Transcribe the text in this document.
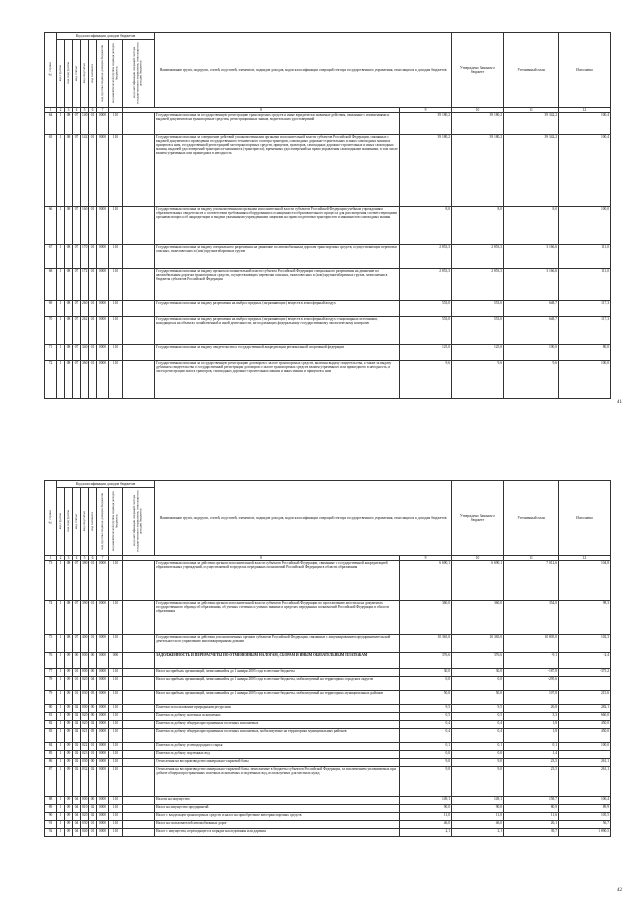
№ строки	Код классификации доходов бюджетов								Наименование групп, подгрупп, статей, подстатей, элементов, подвидов доходов, кодов классификации операций сектора государственного управления, относящихся к доходам бюджетов		Утверждено Законом о бюджете	Уточненный план	Исполнено	

	код группы	код подгруппы	код статьи	код подстатьи	код элемента	код группы подвида доходов бюджетов	код аналитической группы подвида доходов бюджетов	код классификации операций сектора государственного управления, относящихся к доходам бюджетов						

1	2	3	4	5	6	7		8		9	10	11	12	
64	1	08	07	140	01	0000	110		Государственная пошлина за государственную регистрацию транспортных средств и иные юридически значимые действия, связанные с изменениями и выдачей документов на транспортные средства, регистрационных знаков, водительских удостоверений	39 180,2	39 180,2	39 342,2	100,4	
65	1	08	07	142	01	0000	110		Государственная пошлина за совершение действий уполномоченными органами исполнительной власти субъектов Российской Федерации, связанных с выдачей документов о проведении государственного технического осмотра тракторов, самоходных дорожно-строительных и иных самоходных машин и прицепов к ним, государственной регистрацией мототранспортных средств, прицепов, тракторов, самоходных дорожно-строительных и иных самоходных машин, выдачей удостоверений тракториста-машиниста (тракториста), временных удостоверений на право управления самоходными машинами, в том числе взамен утраченных или пришедших в негодность	39 180,2	39 180,2	39 342,2	100,4	
66	1	08	07	160	01	0000	110		Государственная пошлина за выдачу уполномоченными органами исполнительной власти субъектов Российской Федерации учебным учреждениям образовательных свидетельств о соответствии требованиям оборудования и оснащенности образовательного процесса для рассмотрения соответствующими органами вопроса об аккредитации и выдачи указанными учреждениями лицензии на право подготовки трактористов и машинистов самоходных машин	8,0	8,0	8,0	100,0	
67	1	08	07	170	01	0000	110		Государственная пошлина за выдачу специального разрешения на движение по автомобильным дорогам транспортных средств, осуществляющих перевозки опасных, тяжеловесных и (или) крупногабаритных грузов	2 853,3	2 853,3	3 166,6	111,0	
68	1	08	07	172	01	0000	110		Государственная пошлина за выдачу органом исполнительной власти субъекта Российской Федерации специального разрешения на движение по автомобильным дорогам транспортных средств, осуществляющих перевозки опасных, тяжеловесных и (или) крупногабаритных грузов, зачисляемая в бюджеты субъектов Российской Федерации	2 853,3	2 853,3	3 166,6	111,0	
69	1	08	07	260	01	0000	110		Государственная пошлина за выдачу разрешения на выброс вредных (загрязняющих) веществ в атмосферный воздух	553,0	553,0	648,7	117,3	
70	1	08	07	262	01	0000	110		Государственная пошлина за выдачу разрешения на выброс вредных (загрязняющих) веществ в атмосферный воздух стационарных источников, находящихся на объектах хозяйственной и иной деятельности, не подлежащих федеральному государственному экологическому контролю	553,0	553,0	648,7	117,3	
71	1	08	07	340	01	0000	110		Государственная пошлина за выдачу свидетельства о государственной аккредитации региональной спортивной федерации	125,0	125,0	100,0	80,0	
72	1	08	07	360	01	0000	110		Государственная пошлина за государственную регистрацию договоров о залоге транспортных средств, включая выдачу свидетельства, а также за выдачу дубликата свидетельства о государственной регистрации договоров о залоге транспортных средств взамен утраченного или пришедшего в негодность, в части регистрации залога тракторов, самоходных дорожно-строительных машин и иных машин и прицепов к ним	9,6	9,6	9,6	100,0	
41
№ строки	Код классификации доходов бюджетов								Наименование групп, подгрупп, статей, подстатей, элементов, подвидов доходов, кодов классификации операций сектора государственного управления, относящихся к доходам бюджетов		Утверждено Законом о бюджете	Уточненный план	Исполнено	

	код группы	код подгруппы	код статьи	код подстатьи	код элемента	код группы подвида доходов бюджетов	код аналитической группы подвида доходов бюджетов	код классификации операций сектора государственного управления, относящихся к доходам бюджетов						

1	2	3	4	5	6	7		8		9	10	11	12	
73	1	08	07	380	01	0000	110		Государственная пошлина за действия органов исполнительной власти субъектов Российской Федерации, связанные с государственной аккредитацией образовательных учреждений, осуществляемой в пределах переданных полномочий Российской Федерации в области образования	6 690,1	6 690,1	7 012,6	104,8	
74	1	08	07	390	01	0000	110		Государственная пошлина за действия органов исполнительной власти субъектов Российской Федерации по проставлению апостиля на документах государственного образца об образовании, об ученых степенях и ученых званиях в пределах переданных полномочий Российской Федерации в области образования	360,0	360,0	354,0	98,3	
75	1	08	07	400	01	0000	110		Государственная пошлина за действия уполномоченных органов субъектов Российской Федерации, связанные с лицензированием предпринимательской деятельности по управлению многоквартирными домами	10 365,0	10 365,0	10 805,0	102,3	
76	1	09	00	000	00	0000	000		ЗАДОЛЖЕННОСТЬ И ПЕРЕРАСЧЕТЫ ПО ОТМЕНЕННЫМ НАЛОГАМ, СБОРАМ И ИНЫМ ОБЯЗАТЕЛЬНЫМ ПЛАТЕЖАМ	376,6	376,6	-9,1	-2,4	
77	1	09	01	000	00	0000	110		Налог на прибыль организаций, зачислявшийся до 1 января 2005 года в местные бюджеты	30,0	30,0	-187,8	-375,2	
78	1	09	01	020	04	0000	110		Налог на прибыль организаций, зачислявшийся до 1 января 2005 года в местные бюджеты, мобилизуемый на территориях городских округов	0,0	0,0	-295,6		
79	1	09	01	030	05	0000	110		Налог на прибыль организаций, зачислявшийся до 1 января 2005 года в местные бюджеты, мобилизуемый на территориях муниципальных районов	50,0	50,0	107,8	215,6	
80	1	09	02	000	00	0000	110		Платежи за пользование природными ресурсами	9,5	9,5	26,8	282,1	
81	1	09	02	020	00	0000	110		Платежи за добычу полезных ископаемых	0,5	0,5	3,3	660,0	
82	1	09	02	020	02	0000	110		Платежи за добычу общераспространенных полезных ископаемых	0,4	0,4	1,8	450,0	
83	1	09	02	021	05	0000	110		Платежи за добычу общераспространенных полезных ископаемых, мобилизуемые на территориях муниципальных районов	0,4	0,4	1,8	450,0	
84	1	09	02	022	01	0000	110		Платежи за добычу углеводородного сырья	0,1	0,1	0,1	100,0	
85	1	09	02	023	01	0000	110		Платежи за добычу подземных вод	0,0	0,0	1,4		
86	1	09	02	030	00	0000	110		Отчисления на воспроизводство минерально-сырьевой базы	9,0	9,0	23,5	261,1	
87	1	09	02	032	02	0000	110		Отчисления на воспроизводство минерально-сырьевой базы, зачисляемые в бюджеты субъектов Российской Федерации, за исключением уплачиваемых при добыче общераспространенных полезных ископаемых и подземных вод, используемых для местных нужд	9,0	9,0	23,5	261,1	
88	1	09	04	000	00	0000	110		Налоги на имущество	149,1	149,1	158,7	106,4	
89	1	09	04	010	02	0000	110		Налог на имущество предприятий	90,0	90,0	80,9	89,9	
90	1	09	04	020	02	0000	110		Налог с владельцев транспортных средств и налог на приобретение автотранспортных средств	11,0	11,0	11,6	105,5	
91	1	09	04	030	01	0000	110		Налог на пользователей автомобильных дорог	46,0	46,0	26,1	56,7	
92	1	09	04	040	01	0000	110		Налог с имущества, переходящего в порядке наследования или дарения	2,1	2,1	39,7	1 890,5	
42
